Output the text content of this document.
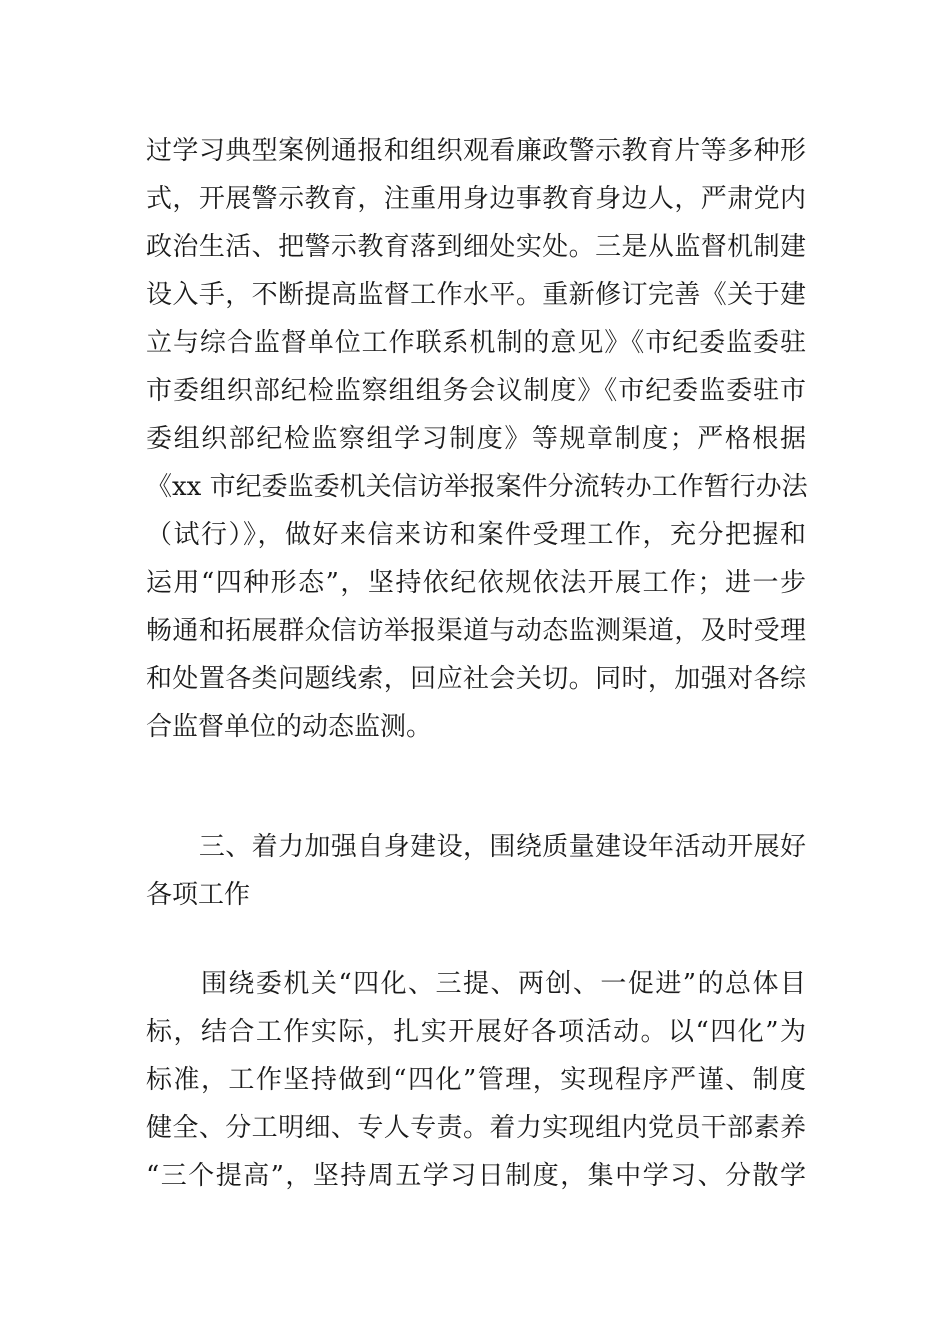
过学习典型案例通报和组织观看廉政警示教育片等多种形
式，开展警示教育，注重用身边事教育身边人，严肃党内
政治生活、把警示教育落到细处实处。三是从监督机制建
设入手，不断提高监督工作水平。重新修订完善《关于建
立与综合监督单位工作联系机制的意见》《市纪委监委驻
市委组织部纪检监察组组务会议制度》《市纪委监委驻市
委组织部纪检监察组学习制度》等规章制度；严格根据
《xx 市纪委监委机关信访举报案件分流转办工作暂行办法
（试行）》，做好来信来访和案件受理工作，充分把握和
运用“四种形态”，坚持依纪依规依法开展工作；进一步
畅通和拓展群众信访举报渠道与动态监测渠道，及时受理
和处置各类问题线索，回应社会关切。同时，加强对各综
合监督单位的动态监测。
　　三、着力加强自身建设，围绕质量建设年活动开展好
各项工作
　　围绕委机关“四化、三提、两创、一促进”的总体目
标，结合工作实际，扎实开展好各项活动。以“四化”为
标准，工作坚持做到“四化”管理，实现程序严谨、制度
健全、分工明细、专人专责。着力实现组内党员干部素养
“三个提高”，坚持周五学习日制度，集中学习、分散学
